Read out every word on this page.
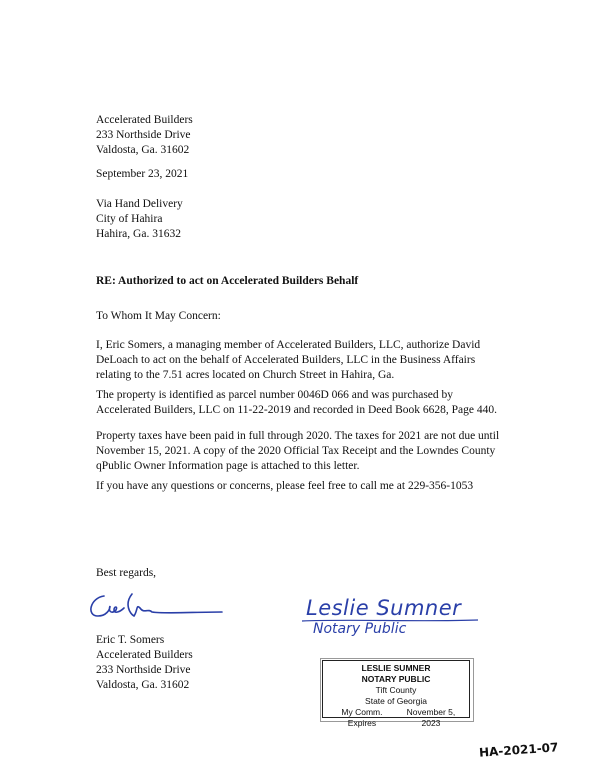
Accelerated Builders
233 Northside Drive
Valdosta, Ga. 31602
September 23, 2021
Via Hand Delivery
City of Hahira
Hahira, Ga. 31632
RE: Authorized to act on Accelerated Builders Behalf
To Whom It May Concern:
I, Eric Somers, a managing member of Accelerated Builders, LLC, authorize David
DeLoach to act on the behalf of Accelerated Builders, LLC in the Business Affairs
relating to the 7.51 acres located on Church Street in Hahira, Ga.
The property is identified as parcel number 0046D 066 and was purchased by
Accelerated Builders, LLC on 11-22-2019 and recorded in Deed Book 6628, Page 440.
Property taxes have been paid in full through 2020. The taxes for 2021 are not due until
November 15, 2021. A copy of the 2020 Official Tax Receipt and the Lowndes County
qPublic Owner Information page is attached to this letter.
If you have any questions or concerns, please feel free to call me at 229-356-1053
Best regards,
Eric T. Somers
Accelerated Builders
233 Northside Drive
Valdosta, Ga. 31602
Leslie Sumner
Notary Public
LESLIE SUMNER
NOTARY PUBLIC
Tift County
State of Georgia
My Comm. Expires
November 5, 2023
HA-2021-07
